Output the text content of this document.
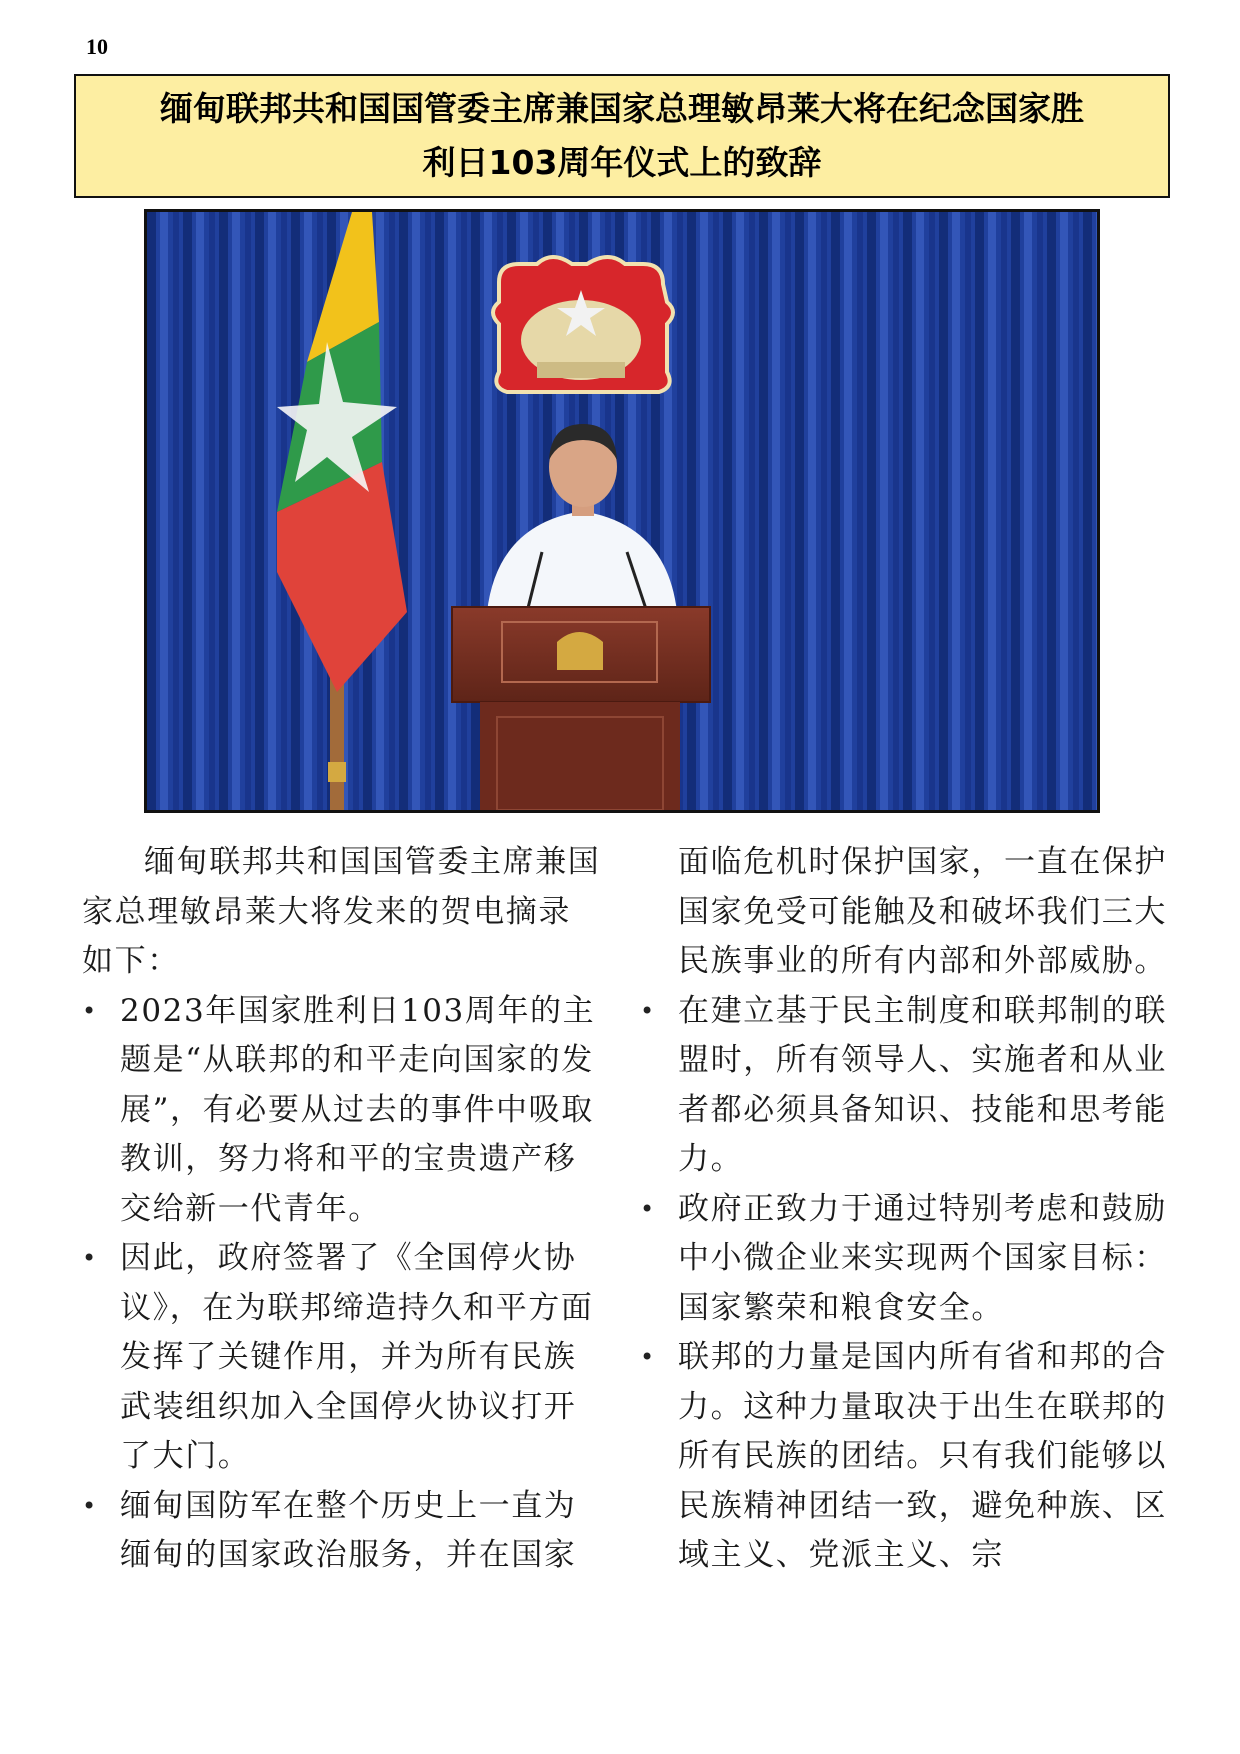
10
缅甸联邦共和国国管委主席兼国家总理敏昂莱大将在纪念国家胜
利日103周年仪式上的致辞

缅甸联邦共和国国管委主席兼国家总理敏昂莱大将发来的贺电摘录如下：

• 2023年国家胜利日103周年的主题是“从联邦的和平走向国家的发展”，有必要从过去的事件中吸取教训，努力将和平的宝贵遗产移交给新一代青年。
• 因此，政府签署了《全国停火协议》，在为联邦缔造持久和平方面发挥了关键作用，并为所有民族武装组织加入全国停火协议打开了大门。
• 缅甸国防军在整个历史上一直为缅甸的国家政治服务，并在国家

面临危机时保护国家，一直在保护国家免受可能触及和破坏我们三大民族事业的所有内部和外部威胁。

• 在建立基于民主制度和联邦制的联盟时，所有领导人、实施者和从业者都必须具备知识、技能和思考能力。
• 政府正致力于通过特别考虑和鼓励中小微企业来实现两个国家目标：国家繁荣和粮食安全。
• 联邦的力量是国内所有省和邦的合力。这种力量取决于出生在联邦的所有民族的团结。只有我们能够以民族精神团结一致，避免种族、区域主义、党派主义、宗
